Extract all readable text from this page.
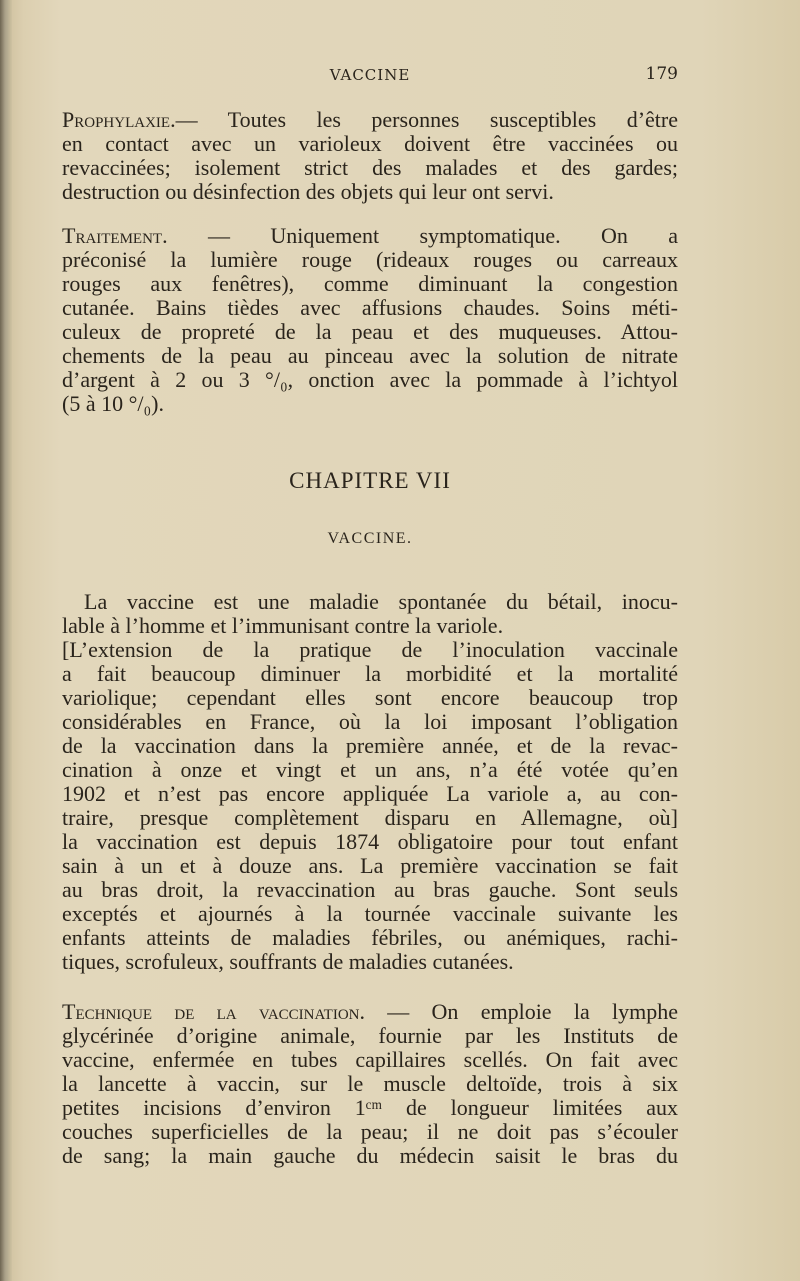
VACCINE	179
Prophylaxie.— Toutes les personnes susceptibles d’être
en contact avec un varioleux doivent être vaccinées ou
revaccinées; isolement strict des malades et des gardes;
destruction ou désinfection des objets qui leur ont servi.
Traitement. — Uniquement symptomatique. On a
préconisé la lumière rouge (rideaux rouges ou carreaux
rouges aux fenêtres), comme diminuant la congestion
cutanée. Bains tièdes avec affusions chaudes. Soins méti-
culeux de propreté de la peau et des muqueuses. Attou-
chements de la peau au pinceau avec la solution de nitrate
d’argent à 2 ou 3 °/₀, onction avec la pommade à l’ichtyol
(5 à 10 °/₀).
CHAPITRE VII
VACCINE.
La vaccine est une maladie spontanée du bétail, inocu-
lable à l’homme et l’immunisant contre la variole.
[L’extension de la pratique de l’inoculation vaccinale
a fait beaucoup diminuer la morbidité et la mortalité
variolique; cependant elles sont encore beaucoup trop
considérables en France, où la loi imposant l’obligation
de la vaccination dans la première année, et de la revac-
cination à onze et vingt et un ans, n’a été votée qu’en
1902 et n’est pas encore appliquée La variole a, au con-
traire, presque complètement disparu en Allemagne, où]
la vaccination est depuis 1874 obligatoire pour tout enfant
sain à un et à douze ans. La première vaccination se fait
au bras droit, la revaccination au bras gauche. Sont seuls
exceptés et ajournés à la tournée vaccinale suivante les
enfants atteints de maladies fébriles, ou anémiques, rachi-
tiques, scrofuleux, souffrants de maladies cutanées.
Technique de la vaccination. — On emploie la lymphe
glycérinée d’origine animale, fournie par les Instituts de
vaccine, enfermée en tubes capillaires scellés. On fait avec
la lancette à vaccin, sur le muscle deltoïde, trois à six
petites incisions d’environ 1ᶜᵐ de longueur limitées aux
couches superficielles de la peau; il ne doit pas s’écouler
de sang; la main gauche du médecin saisit le bras du
